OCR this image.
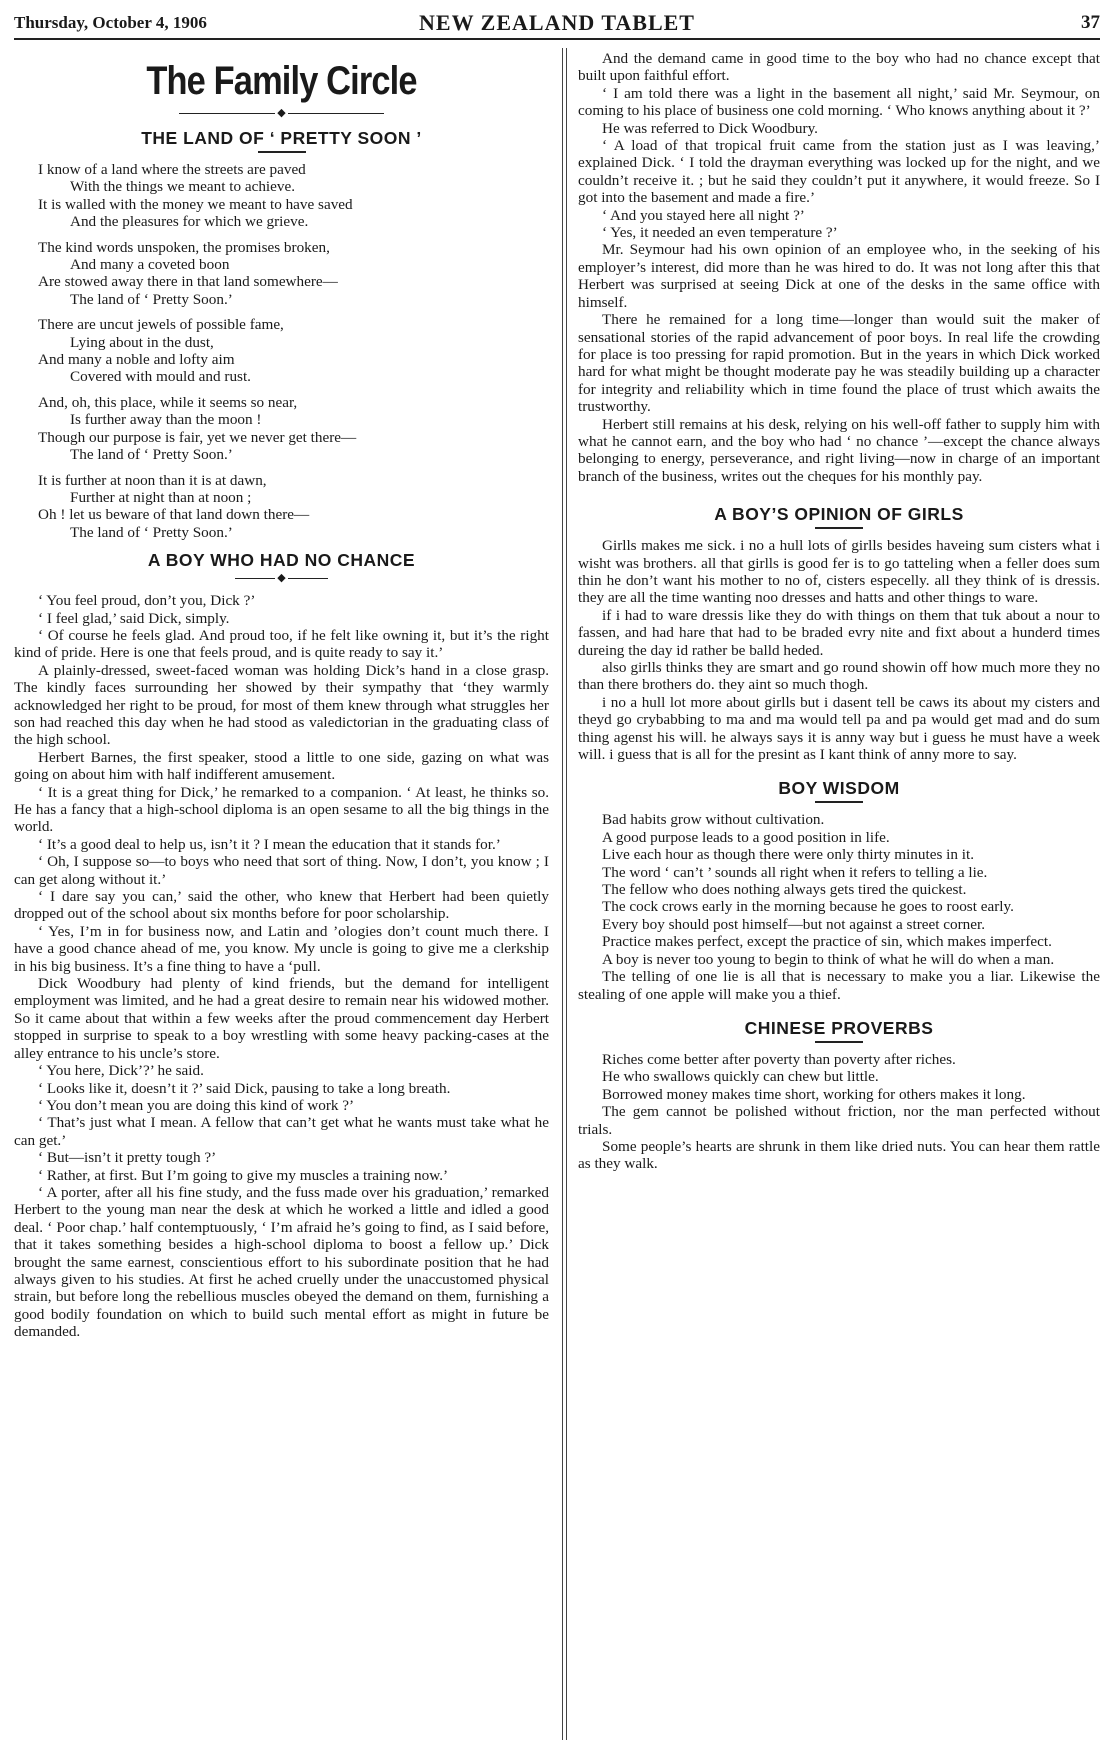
Thursday, October 4, 1906	NEW ZEALAND TABLET	37
The Family Circle
◆
THE LAND OF ‘ PRETTY SOON ’

I know of a land where the streets are paved

With the things we meant to achieve.

It is walled with the money we meant to have saved

And the pleasures for which we grieve.

The kind words unspoken, the promises broken,

And many a coveted boon

Are stowed away there in that land somewhere—

The land of ‘ Pretty Soon.’

There are uncut jewels of possible fame,

Lying about in the dust,

And many a noble and lofty aim

Covered with mould and rust.

And, oh, this place, while it seems so near,

Is further away than the moon !

Though our purpose is fair, yet we never get there—

The land of ‘ Pretty Soon.’

It is further at noon than it is at dawn,

Further at night than at noon ;

Oh ! let us beware of that land down there—

The land of ‘ Pretty Soon.’

A BOY WHO HAD NO CHANCE
◆

‘ You feel proud, don’t you, Dick ?’

‘ I feel glad,’ said Dick, simply.

‘ Of course he feels glad. And proud too, if he felt like owning it, but it’s the right kind of pride. Here is one that feels proud, and is quite ready to say it.’

A plainly-dressed, sweet-faced woman was holding Dick’s hand in a close grasp. The kindly faces surrounding her showed by their sympathy that ‘they warmly acknowledged her right to be proud, for most of them knew through what struggles her son had reached this day when he had stood as valedictorian in the graduating class of the high school.

Herbert Barnes, the first speaker, stood a little to one side, gazing on what was going on about him with half indifferent amusement.

‘ It is a great thing for Dick,’ he remarked to a companion. ‘ At least, he thinks so. He has a fancy that a high-school diploma is an open sesame to all the big things in the world.

‘ It’s a good deal to help us, isn’t it ? I mean the education that it stands for.’

‘ Oh, I suppose so—to boys who need that sort of thing. Now, I don’t, you know ; I can get along without it.’

‘ I dare say you can,’ said the other, who knew that Herbert had been quietly dropped out of the school about six months before for poor scholarship.

‘ Yes, I’m in for business now, and Latin and ’ologies don’t count much there. I have a good chance ahead of me, you know. My uncle is going to give me a clerkship in his big business. It’s a fine thing to have a ‘pull.

Dick Woodbury had plenty of kind friends, but the demand for intelligent employment was limited, and he had a great desire to remain near his widowed mother. So it came about that within a few weeks after the proud commencement day Herbert stopped in surprise to speak to a boy wrestling with some heavy packing-cases at the alley entrance to his uncle’s store.

‘ You here, Dick’?’ he said.

‘ Looks like it, doesn’t it ?’ said Dick, pausing to take a long breath.

‘ You don’t mean you are doing this kind of work ?’

‘ That’s just what I mean. A fellow that can’t get what he wants must take what he can get.’

‘ But—isn’t it pretty tough ?’

‘ Rather, at first. But I’m going to give my muscles a training now.’

‘ A porter, after all his fine study, and the fuss made over his graduation,’ remarked Herbert to the young man near the desk at which he worked a little and idled a good deal. ‘ Poor chap.’ half contemptuously, ‘ I’m afraid he’s going to find, as I said before, that it takes something besides a high-school diploma to boost a fellow up.’ Dick brought the same earnest, conscientious effort to his subordinate position that he had always given to his studies. At first he ached cruelly under the unaccustomed physical strain, but before long the rebellious muscles obeyed the demand on them, furnishing a good bodily foundation on which to build such mental effort as might in future be demanded.

And the demand came in good time to the boy who had no chance except that built upon faithful effort.

‘ I am told there was a light in the basement all night,’ said Mr. Seymour, on coming to his place of business one cold morning. ‘ Who knows anything about it ?’

He was referred to Dick Woodbury.

‘ A load of that tropical fruit came from the station just as I was leaving,’ explained Dick. ‘ I told the drayman everything was locked up for the night, and we couldn’t receive it. ; but he said they couldn’t put it anywhere, it would freeze. So I got into the basement and made a fire.’

‘ And you stayed here all night ?’

‘ Yes, it needed an even temperature ?’

Mr. Seymour had his own opinion of an employee who, in the seeking of his employer’s interest, did more than he was hired to do. It was not long after this that Herbert was surprised at seeing Dick at one of the desks in the same office with himself.

There he remained for a long time—longer than would suit the maker of sensational stories of the rapid advancement of poor boys. In real life the crowding for place is too pressing for rapid promotion. But in the years in which Dick worked hard for what might be thought moderate pay he was steadily building up a character for integrity and reliability which in time found the place of trust which awaits the trustworthy.

Herbert still remains at his desk, relying on his well-off father to supply him with what he cannot earn, and the boy who had ‘ no chance ’—except the chance always belonging to energy, perseverance, and right living—now in charge of an important branch of the business, writes out the cheques for his monthly pay.

A BOY’S OPINION OF GIRLS

Girlls makes me sick. i no a hull lots of girlls besides haveing sum cisters what i wisht was brothers. all that girlls is good fer is to go tatteling when a feller does sum thin he don’t want his mother to no of, cisters especelly. all they think of is dressis. they are all the time wanting noo dresses and hatts and other things to ware.

if i had to ware dressis like they do with things on them that tuk about a nour to fassen, and had hare that had to be braded evry nite and fixt about a hunderd times dureing the day id rather be balld heded.

also girlls thinks they are smart and go round showin off how much more they no than there brothers do. they aint so much thogh.

i no a hull lot more about girlls but i dasent tell be caws its about my cisters and theyd go crybabbing to ma and ma would tell pa and pa would get mad and do sum thing agenst his will. he always says it is anny way but i guess he must have a week will. i guess that is all for the presint as I kant think of anny more to say.

BOY WISDOM

Bad habits grow without cultivation.

A good purpose leads to a good position in life.

Live each hour as though there were only thirty minutes in it.

The word ‘ can’t ’ sounds all right when it refers to telling a lie.

The fellow who does nothing always gets tired the quickest.

The cock crows early in the morning because he goes to roost early.

Every boy should post himself—but not against a street corner.

Practice makes perfect, except the practice of sin, which makes imperfect.

A boy is never too young to begin to think of what he will do when a man.

The telling of one lie is all that is necessary to make you a liar. Likewise the stealing of one apple will make you a thief.

CHINESE PROVERBS

Riches come better after poverty than poverty after riches.

He who swallows quickly can chew but little.

Borrowed money makes time short, working for others makes it long.

The gem cannot be polished without friction, nor the man perfected without trials.

Some people’s hearts are shrunk in them like dried nuts. You can hear them rattle as they walk.
